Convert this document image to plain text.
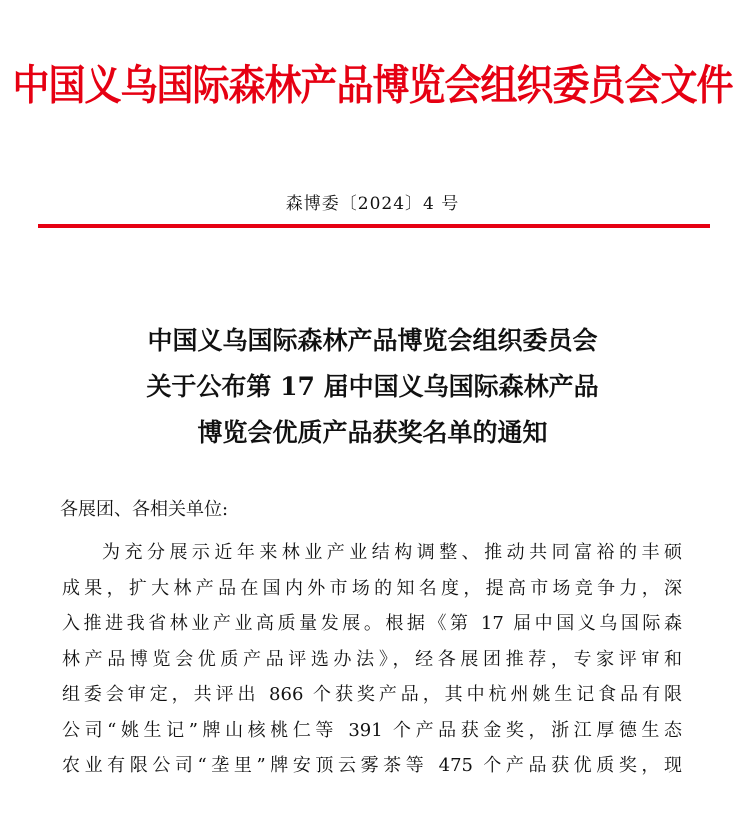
中国义乌国际森林产品博览会组织委员会文件
森博委〔2024〕4 号
中国义乌国际森林产品博览会组织委员会
关于公布第 17 届中国义乌国际森林产品
博览会优质产品获奖名单的通知
各展团、各相关单位:
为充分展示近年来林业产业结构调整、推动共同富裕的丰硕
成果，扩大林产品在国内外市场的知名度，提高市场竞争力，深
入推进我省林业产业高质量发展。根据《第 17 届中国义乌国际森
林产品博览会优质产品评选办法》，经各展团推荐，专家评审和
组委会审定，共评出 866 个获奖产品，其中杭州姚生记食品有限
公司“姚生记”牌山核桃仁等 391 个产品获金奖，浙江厚德生态
农业有限公司“垄里”牌安顶云雾茶等 475 个产品获优质奖，现
